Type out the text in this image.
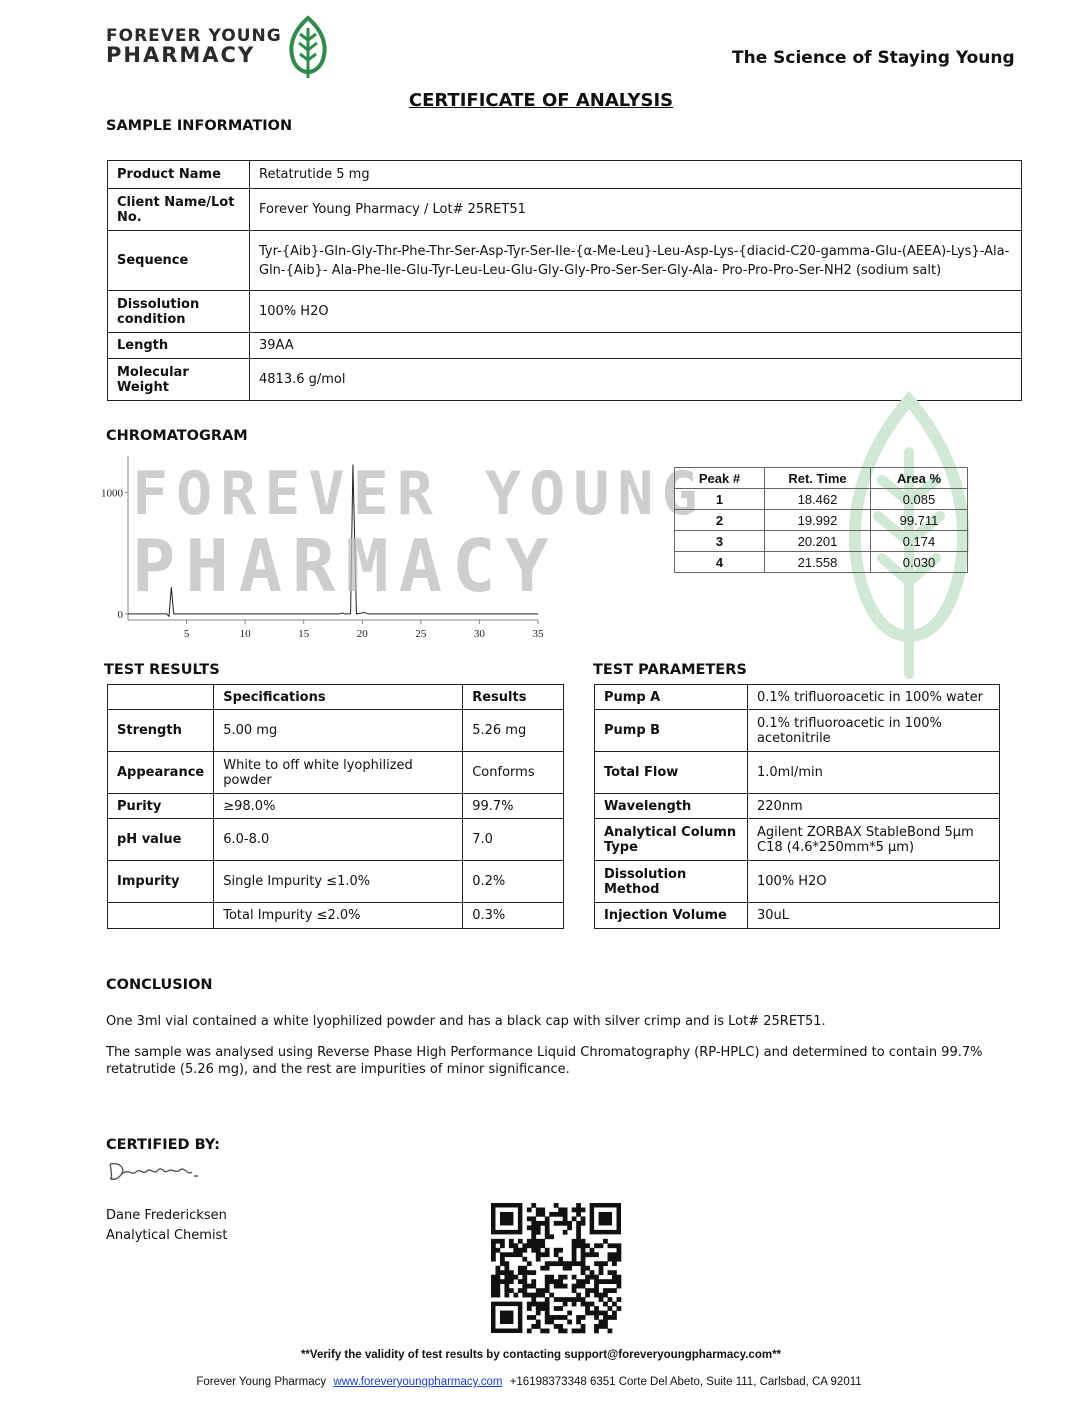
FOREVER YOUNG
PHARMACY	The Science of Staying Young
CERTIFICATE OF ANALYSIS
SAMPLE INFORMATION
Product Name	Retatrutide 5 mg
Client Name/Lot No.	Forever Young Pharmacy / Lot# 25RET51
Sequence	Tyr-{Aib}-Gln-Gly-Thr-Phe-Thr-Ser-Asp-Tyr-Ser-Ile-{α-Me-Leu}-Leu-Asp-Lys-{diacid-C20-gamma-Glu-(AEEA)-Lys}-Ala-Gln-{Aib}- Ala-Phe-Ile-Glu-Tyr-Leu-Leu-Glu-Gly-Gly-Pro-Ser-Ser-Gly-Ala- Pro-Pro-Pro-Ser-NH2 (sodium salt)
Dissolution condition	100% H2O
Length	39AA
Molecular Weight	4813.6 g/mol
CHROMATOGRAM
5	10	15	20	25	30	35
1000
0
FOREVER YOUNG
PHARMACY
Peak #	Ret. Time	Area %
1	18.462	0.085
2	19.992	99.711
3	20.201	0.174
4	21.558	0.030
TEST RESULTS
	Specifications	Results
Strength	5.00 mg	5.26 mg
Appearance	White to off white lyophilized powder	Conforms
Purity	≥98.0%	99.7%
pH value	6.0-8.0	7.0
Impurity	Single Impurity ≤1.0%	0.2%
	Total Impurity ≤2.0%	0.3%
TEST PARAMETERS
Pump A	0.1% trifluoroacetic in 100% water
Pump B	0.1% trifluoroacetic in 100% acetonitrile
Total Flow	1.0ml/min
Wavelength	220nm
Analytical Column Type	Agilent ZORBAX StableBond 5μm C18 (4.6*250mm*5 μm)
Dissolution Method	100% H2O
Injection Volume	30uL
CONCLUSION
One 3ml vial contained a white lyophilized powder and has a black cap with silver crimp and is Lot# 25RET51.
The sample was analysed using Reverse Phase High Performance Liquid Chromatography (RP-HPLC) and determined to contain 99.7% retatrutide (5.26 mg), and the rest are impurities of minor significance.
CERTIFIED BY:
Dane Fredericksen
Analytical Chemist
**Verify the validity of test results by contacting support@foreveryoungpharmacy.com**
Forever Young Pharmacy www.foreveryoungpharmacy.com +16198373348 6351 Corte Del Abeto, Suite 111, Carlsbad, CA 92011
